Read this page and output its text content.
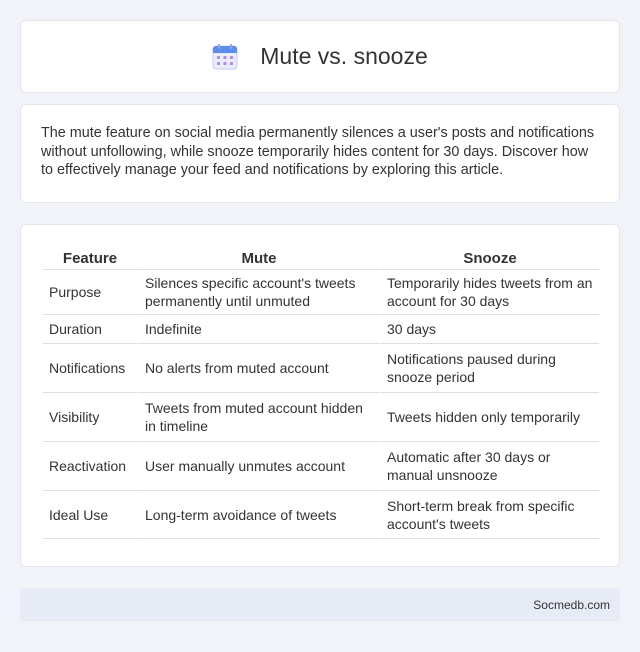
Mute vs. snooze

The mute feature on social media permanently silences a user's posts and notifications without unfollowing, while snooze temporarily hides content for 30 days. Discover how to effectively manage your feed and notifications by exploring this article.

Feature	Mute	Snooze
Purpose	Silences specific account's tweets permanently until unmuted	Temporarily hides tweets from an account for 30 days
Duration	Indefinite	30 days
Notifications	No alerts from muted account	Notifications paused during snooze period
Visibility	Tweets from muted account hidden in timeline	Tweets hidden only temporarily
Reactivation	User manually unmutes account	Automatic after 30 days or manual unsnooze
Ideal Use	Long-term avoidance of tweets	Short-term break from specific account's tweets
Socmedb.com
